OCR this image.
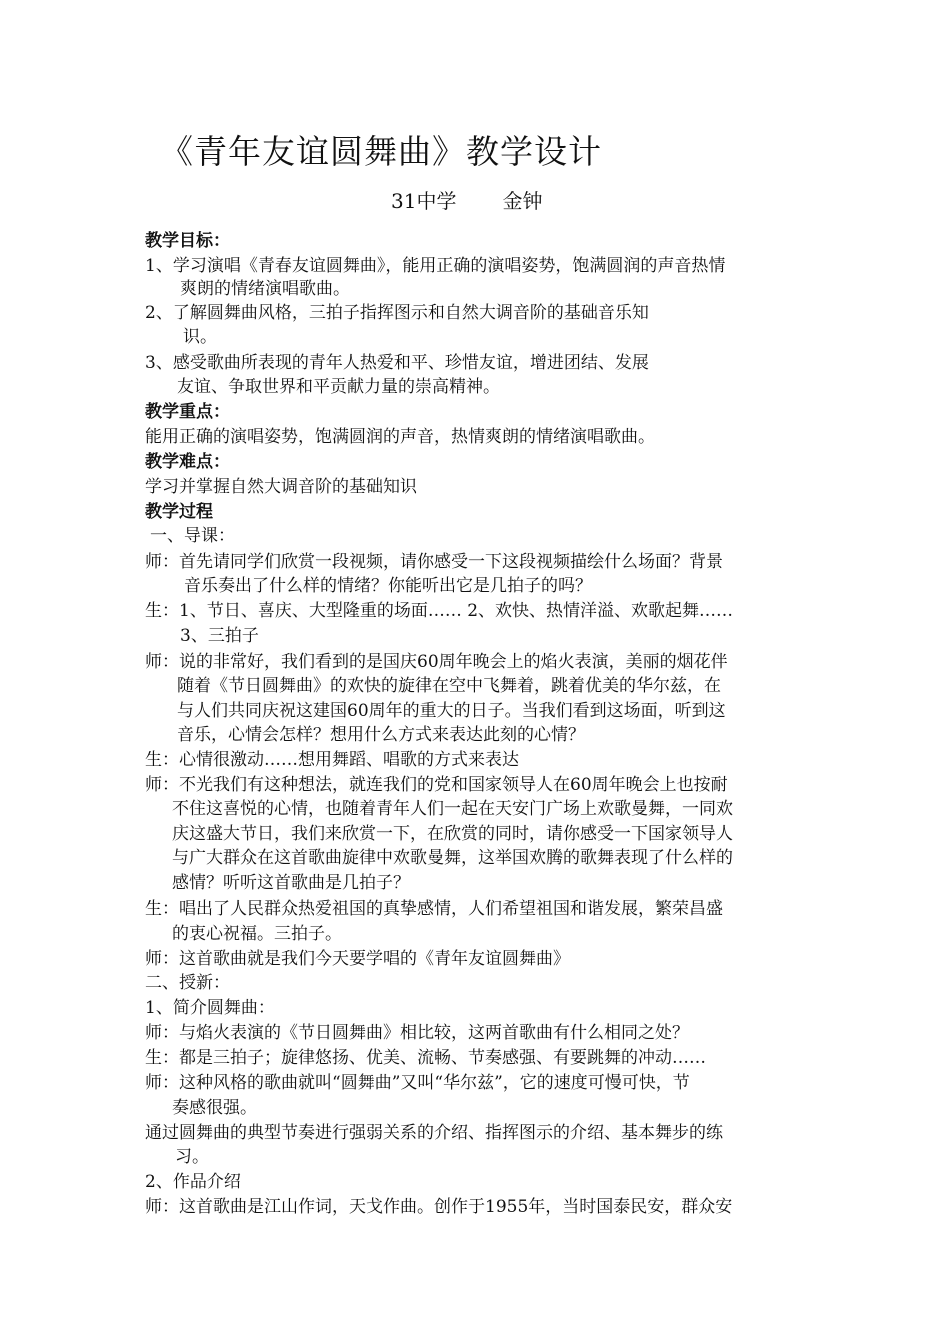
《青年友谊圆舞曲》教学设计
31中学 金钟
教学目标：
1、学习演唱《青春友谊圆舞曲》，能用正确的演唱姿势，饱满圆润的声音热情
爽朗的情绪演唱歌曲。
2、了解圆舞曲风格，三拍子指挥图示和自然大调音阶的基础音乐知
识。
3、感受歌曲所表现的青年人热爱和平、珍惜友谊，增进团结、发展
友谊、争取世界和平贡献力量的崇高精神。
教学重点：
能用正确的演唱姿势，饱满圆润的声音，热情爽朗的情绪演唱歌曲。
教学难点：
学习并掌握自然大调音阶的基础知识
教学过程
一、导课：
师：首先请同学们欣赏一段视频，请你感受一下这段视频描绘什么场面？背景
音乐奏出了什么样的情绪？你能听出它是几拍子的吗？
生：1、节日、喜庆、大型隆重的场面…… 2、欢快、热情洋溢、欢歌起舞……
3、三拍子
师：说的非常好，我们看到的是国庆60周年晚会上的焰火表演，美丽的烟花伴
随着《节日圆舞曲》的欢快的旋律在空中飞舞着，跳着优美的华尔兹，在
与人们共同庆祝这建国60周年的重大的日子。当我们看到这场面，听到这
音乐，心情会怎样？想用什么方式来表达此刻的心情？
生：心情很激动……想用舞蹈、唱歌的方式来表达
师：不光我们有这种想法，就连我们的党和国家领导人在60周年晚会上也按耐
不住这喜悦的心情，也随着青年人们一起在天安门广场上欢歌曼舞，一同欢
庆这盛大节日，我们来欣赏一下，在欣赏的同时，请你感受一下国家领导人
与广大群众在这首歌曲旋律中欢歌曼舞，这举国欢腾的歌舞表现了什么样的
感情？听听这首歌曲是几拍子？
生：唱出了人民群众热爱祖国的真挚感情，人们希望祖国和谐发展，繁荣昌盛
的衷心祝福。三拍子。
师：这首歌曲就是我们今天要学唱的《青年友谊圆舞曲》
二、授新：
1、简介圆舞曲：
师：与焰火表演的《节日圆舞曲》相比较，这两首歌曲有什么相同之处？
生：都是三拍子；旋律悠扬、优美、流畅、节奏感强、有要跳舞的冲动……
师：这种风格的歌曲就叫“圆舞曲”又叫“华尔兹”，它的速度可慢可快，节
奏感很强。
通过圆舞曲的典型节奏进行强弱关系的介绍、指挥图示的介绍、基本舞步的练
习。
2、作品介绍
师：这首歌曲是江山作词，天戈作曲。创作于1955年，当时国泰民安，群众安
